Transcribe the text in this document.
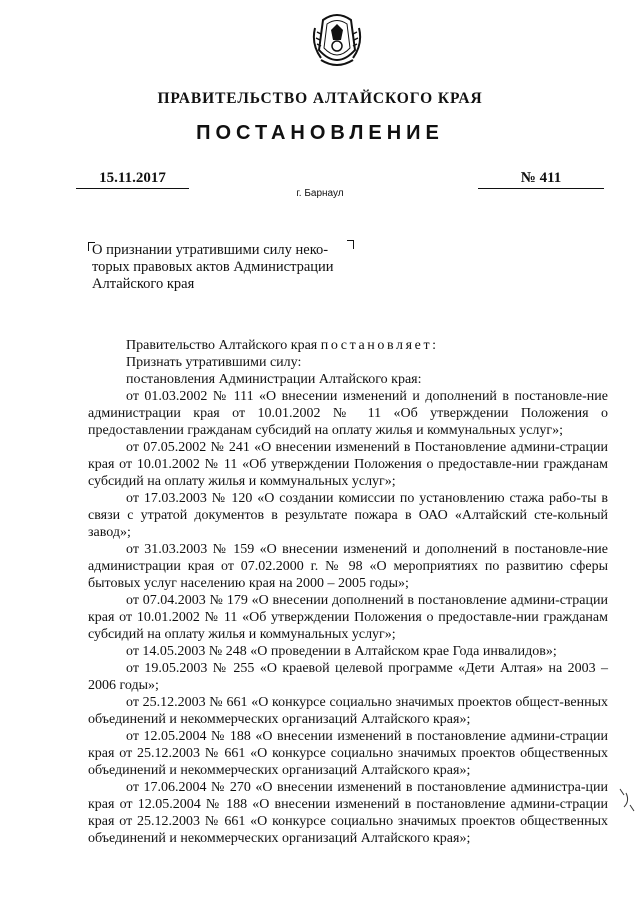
ПРАВИТЕЛЬСТВО АЛТАЙСКОГО КРАЯ
ПОСТАНОВЛЕНИЕ
15.11.2017	№ 411
г. Барнаул
О признании утратившими силу неко-торых правовых актов Администрации Алтайского края

Правительство Алтайского края постановляет:

Признать утратившими силу:

постановления Администрации Алтайского края:

от 01.03.2002 № 111 «О внесении изменений и дополнений в постановле-ние администрации края от 10.01.2002 № 11 «Об утверждении Положения о предоставлении гражданам субсидий на оплату жилья и коммунальных услуг»;

от 07.05.2002 № 241 «О внесении изменений в Постановление админи-страции края от 10.01.2002 № 11 «Об утверждении Положения о предоставле-нии гражданам субсидий на оплату жилья и коммунальных услуг»;

от 17.03.2003 № 120 «О создании комиссии по установлению стажа рабо-ты в связи с утратой документов в результате пожара в ОАО «Алтайский сте-кольный завод»;

от 31.03.2003 № 159 «О внесении изменений и дополнений в постановле-ние администрации края от 07.02.2000 г. № 98 «О мероприятиях по развитию сферы бытовых услуг населению края на 2000 – 2005 годы»;

от 07.04.2003 № 179 «О внесении дополнений в постановление админи-страции края от 10.01.2002 № 11 «Об утверждении Положения о предоставле-нии гражданам субсидий на оплату жилья и коммунальных услуг»;

от 14.05.2003 № 248 «О проведении в Алтайском крае Года инвалидов»;

от 19.05.2003 № 255 «О краевой целевой программе «Дети Алтая» на 2003 – 2006 годы»;

от 25.12.2003 № 661 «О конкурсе социально значимых проектов общест-венных объединений и некоммерческих организаций Алтайского края»;

от 12.05.2004 № 188 «О внесении изменений в постановление админи-страции края от 25.12.2003 № 661 «О конкурсе социально значимых проектов общественных объединений и некоммерческих организаций Алтайского края»;

от 17.06.2004 № 270 «О внесении изменений в постановление администра-ции края от 12.05.2004 № 188 «О внесении изменений в постановление админи-страции края от 25.12.2003 № 661 «О конкурсе социально значимых проектов общественных объединений и некоммерческих организаций Алтайского края»;
